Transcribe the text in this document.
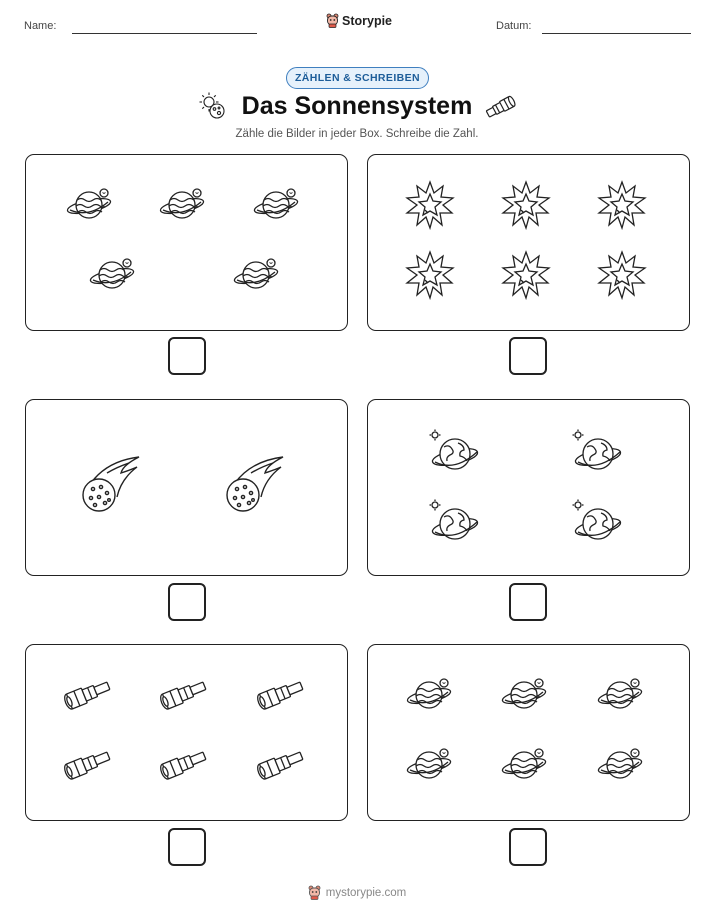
Name:	Storypie	Datum:
ZÄHLEN & SCHREIBEN
Das Sonnensystem
Zähle die Bilder in jeder Box. Schreibe die Zahl.
mystorypie.com
